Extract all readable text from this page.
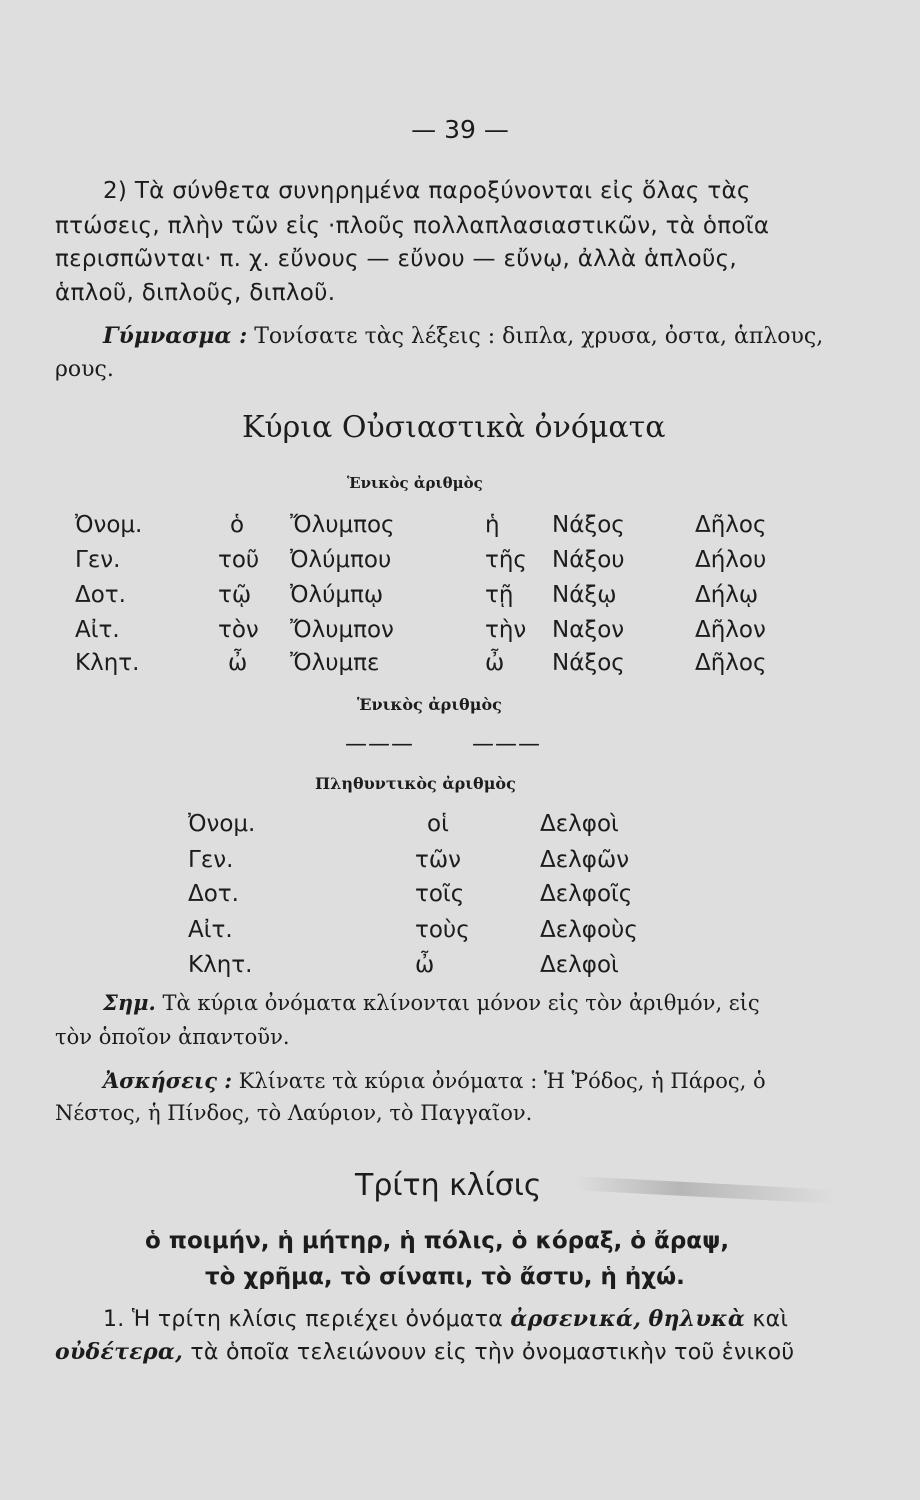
— 39 —
2) Τὰ σύνθετα συνηρημένα παροξύνονται εἰς ὅλας τὰς
πτώσεις, πλὴν τῶν εἰς ·πλοῦς πολλαπλασιαστικῶν, τὰ ὁποῖα
περισπῶνται· π. χ. εὔνους — εὔνου — εὔνῳ, ἀλλὰ ἁπλοῦς,
ἁπλοῦ, διπλοῦς, διπλοῦ.
Γύμνασμα : Τονίσατε τὰς λέξεις : διπλα, χρυσα, ὀστα, ἁπλους,
ρους.
Κύρια Οὐσιαστικὰ ὀνόματα
Ἑνικὸς ἀριθμὸς
Ὀνομ.	ὁ Ὄλυμπος	ἡ Νάξος	Δῆλος
Γεν.	τοῦ Ὀλύμπου	τῆς Νάξου	Δήλου
Δοτ.	τῷ Ὀλύμπῳ	τῇ Νάξῳ	Δήλῳ
Αἰτ.	τὸν Ὄλυμπον	τὴν Ναξον	Δῆλον
Κλητ.	ὦ Ὄλυμπε	ὦ Νάξος	Δῆλος
Ἑνικὸς ἀριθμὸς
———	———
Πληθυντικὸς ἀριθμὸς
Ὀνομ.	οἱ	Δελφοὶ
Γεν.	τῶν	Δελφῶν
Δοτ.	τοῖς	Δελφοῖς
Αἰτ.	τοὺς	Δελφοὺς
Κλητ.	ὦ	Δελφοὶ
Σημ. Τὰ κύρια ὀνόματα κλίνονται μόνον εἰς τὸν ἀριθμόν, εἰς
τὸν ὁποῖον ἀπαντοῦν.
Ἀσκήσεις : Κλίνατε τὰ κύρια ὀνόματα : Ἡ Ῥόδος, ἡ Πάρος, ὁ
Νέστος, ἡ Πίνδος, τὸ Λαύριον, τὸ Παγγαῖον.
Τρίτη κλίσις
ὁ ποιμήν, ἡ μήτηρ, ἡ πόλις, ὁ κόραξ, ὁ ἄραψ,
τὸ χρῆμα, τὸ σίναπι, τὸ ἄστυ, ἡ ἠχώ.
1. Ἡ τρίτη κλίσις περιέχει ὀνόματα ἀρσενικά, θηλυκὰ καὶ
οὐδέτερα, τὰ ὁποῖα τελειώνουν εἰς τὴν ὀνομαστικὴν τοῦ ἑνικοῦ
